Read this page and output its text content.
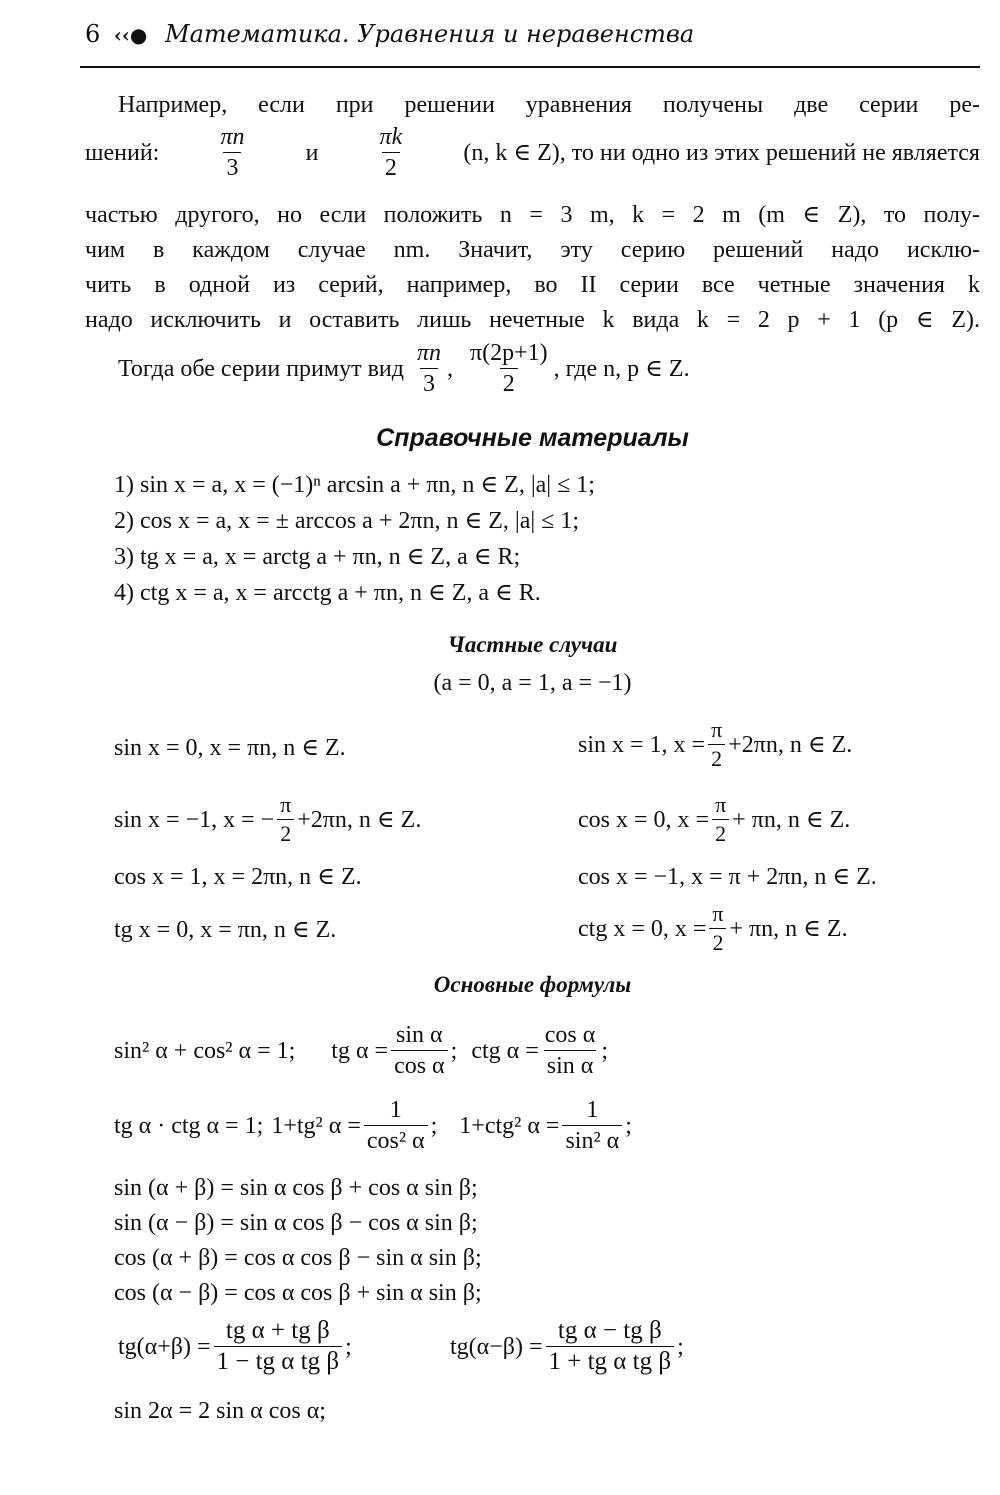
6 ‹‹● Математика. Уравнения и неравенства
Например, если при решении уравнения получены две серии ре-
шений: $\frac{\pi n}{3}$ и $\frac{\pi k}{2} (n$, k ∈ Z), то ни одно из этих решений не является
частью другого, но если положить n = 3 m, k = 2 m (m ∈ Z), то полу-
чим в каждом случае nm. Значит, эту серию решений надо исклю-
чить в одной из серий, например, во II серии все четные значения k
надо исключить и оставить лишь нечетные k вида k = 2 p + 1 (p ∈ Z).
Тогда обе серии примут вид $\frac{\pi n}{3}$ , $\frac{\pi(2p+1)}{2}$ , где n, p ∈ Z.
Справочные материалы
1) sin x = a, x = (−1)ⁿ arcsin a + πn, n ∈ Z, |a| ≤ 1;
2) cos x = a, x = ± arccos a + 2πn, n ∈ Z, |a| ≤ 1;
3) tg x = a, x = arctg a + πn, n ∈ Z, a ∈ R;
4) ctg x = a, x = arcctg a + πn, n ∈ Z, a ∈ R.
Частные случаи
(a = 0, a = 1, a = −1)
sin x = 0, x = πn, n ∈ Z.	sin x = 1, $x = \frac{\pi}{2} +2\pi n$, n ∈ Z.
sin x = −1, x = − $\frac{\pi}{2} +2\pi n$, n ∈ Z.	cos x = 0, $x = \frac{\pi}{2} + \pi n$, n ∈ Z.
cos x = 1, x = 2πn, n ∈ Z.	cos x = −1, x = π + 2πn, n ∈ Z.
tg x = 0, x = πn, n ∈ Z.	ctg x = 0, $x = \frac{\pi}{2} + \pi n$, n ∈ Z.
Основные формулы
sin² α + cos² α = 1; tg $\alpha = \frac{\text{sin α}}{\text{cos α}}$ ; ctg $\alpha = \frac{\text{cos α}}{\text{sin α}}$ ;
tg α · ctg α = 1; 1+tg² $\alpha = \frac{1}{\text{cos² α}}$ ; 1+ctg² $\alpha = \frac{1}{\text{sin² α}}$ ;
sin (α + β) = sin α cos β + cos α sin β;
sin (α − β) = sin α cos β − cos α sin β;
cos (α + β) = cos α cos β − sin α sin β;
cos (α − β) = cos α cos β + sin α sin β;
$tg(\alpha+\beta) = \frac{\text{tg α + tg β}}{\text{1 − tg α tg β}}$ ;	$tg(\alpha-\beta) = \frac{\text{tg α − tg β}}{\text{1 + tg α tg β}}$ ;
sin 2α = 2 sin α cos α;
